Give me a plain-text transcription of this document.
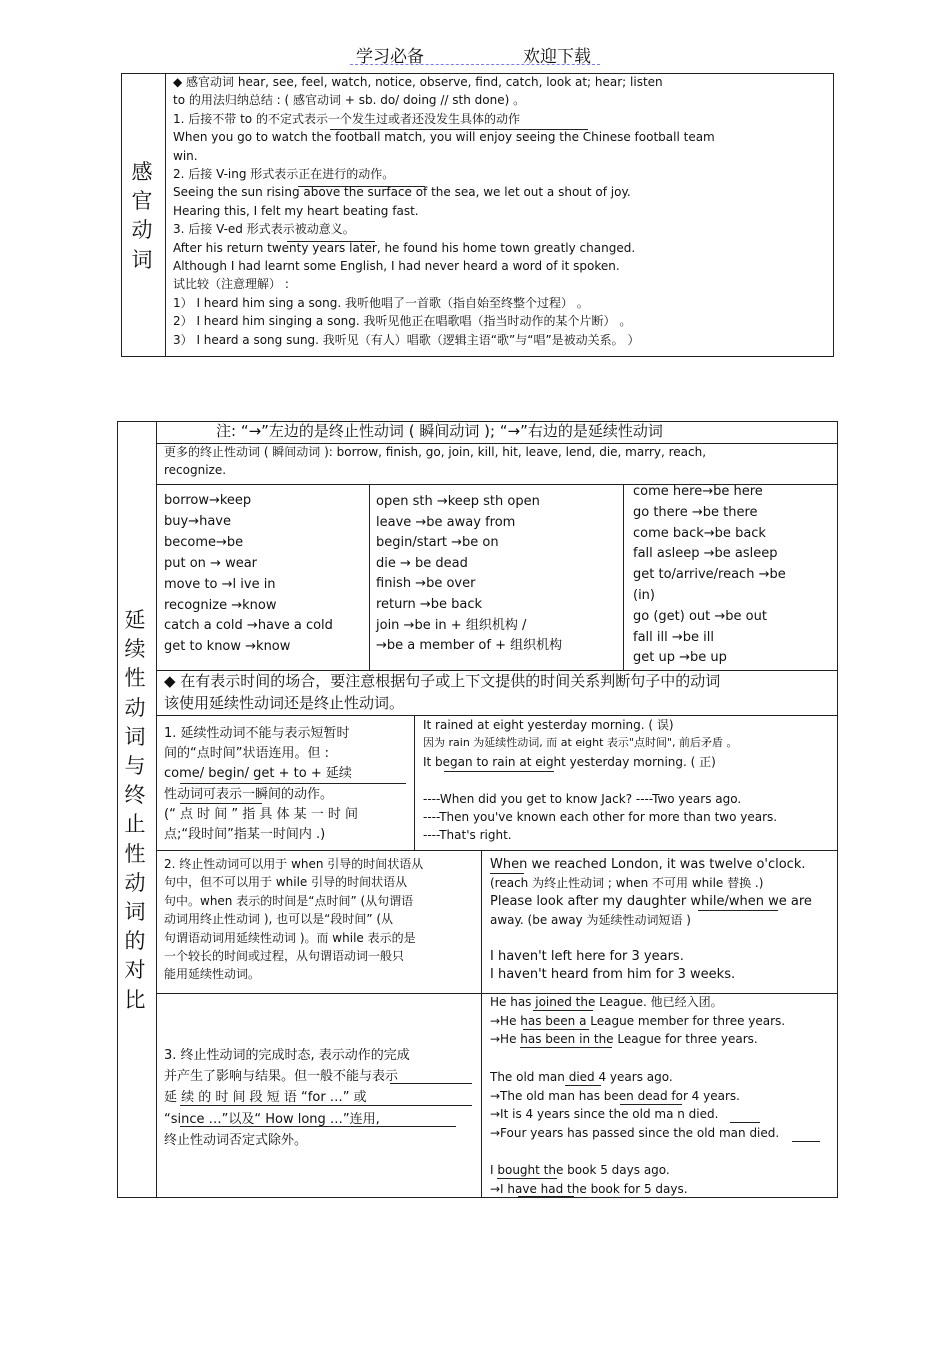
学习必备	欢迎下载
感
官
动
词
◆ 感官动词 hear, see, feel, watch, notice, observe, find, catch, look at; hear; listen
to 的用法归纳总结 : ( 感官动词 + sb. do/ doing // sth done) 。
1. 后接不带 to 的不定式表示一个发生过或者还没发生具体的动作
When you go to watch the football match, you will enjoy seeing the Chinese football team
win.
2. 后接 V-ing 形式表示正在进行的动作。
Seeing the sun rising above the surface of the sea, we let out a shout of joy.
Hearing this, I felt my heart beating fast.
3. 后接 V-ed 形式表示被动意义。
After his return twenty years later, he found his home town greatly changed.
Although I had learnt some English, I had never heard a word of it spoken.
试比较（注意理解） :
1） I heard him sing a song. 我听他唱了一首歌（指自始至终整个过程） 。
2） I heard him singing a song. 我听见他正在唱歌唱（指当时动作的某个片断） 。
3） I heard a song sung. 我听见（有人）唱歌（逻辑主语“歌”与“唱”是被动关系。 ）
延
续
性
动
词
与
终
止
性
动
词
的
对
比
注: “→”左边的是终止性动词 ( 瞬间动词 ); “→”右边的是延续性动词
更多的终止性动词 ( 瞬间动词 ): borrow, finish, go, join, kill, hit, leave, lend, die, marry, reach,
recognize.
borrow→keep
buy→have
become→be
put on → wear
move to →l ive in
recognize →know
catch a cold →have a cold
get to know →know
open sth →keep sth open
leave →be away from
begin/start →be on
die → be dead
finish →be over
return →be back
join →be in + 组织机构 /
→be a member of + 组织机构
come here→be here
go there →be there
come back→be back
fall asleep →be asleep
get to/arrive/reach →be
(in)
go (get) out →be out
fall ill →be ill
get up →be up
◆ 在有表示时间的场合，要注意根据句子或上下文提供的时间关系判断句子中的动词
该使用延续性动词还是终止性动词。
1. 延续性动词不能与表示短暂时
间的“点时间”状语连用。但 :
come/ begin/ get + to + 延续
性动词可表示一瞬间的动作。
(“ 点 时 间 ” 指 具 体 某 一 时 间
点;“段时间”指某一时间内 .)
It rained at eight yesterday morning. ( 误)
因为 rain 为延续性动词, 而 at eight 表示"点时间", 前后矛盾 。
It began to rain at eight yesterday morning. ( 正)

----When did you get to know Jack? ----Two years ago.
----Then you've known each other for more than two years.
----That's right.
2. 终止性动词可以用于 when 引导的时间状语从
句中，但不可以用于 while 引导的时间状语从
句中。when 表示的时间是“点时间” (从句谓语
动词用终止性动词 ), 也可以是“段时间” (从
句谓语动词用延续性动词 )。而 while 表示的是
一个较长的时间或过程，从句谓语动词一般只
能用延续性动词。
When we reached London, it was twelve o'clock.
(reach 为终止性动词 ; when 不可用 while 替换 .)
Please look after my daughter while/when we are
away. (be away 为延续性动词短语 )

I haven't left here for 3 years.
I haven't heard from him for 3 weeks.
3. 终止性动词的完成时态, 表示动作的完成
并产生了影响与结果。但一般不能与表示
延 续 的 时 间 段 短 语 “for …” 或
“since …”以及“ How long …”连用,
终止性动词否定式除外。
He has joined the League. 他已经入团。
→He has been a League member for three years.
→He has been in the League for three years.

The old man died 4 years ago.
→The old man has been dead for 4 years.
→It is 4 years since the old ma n died.
→Four years has passed since the old man died.

I bought the book 5 days ago.
→I have had the book for 5 days.
